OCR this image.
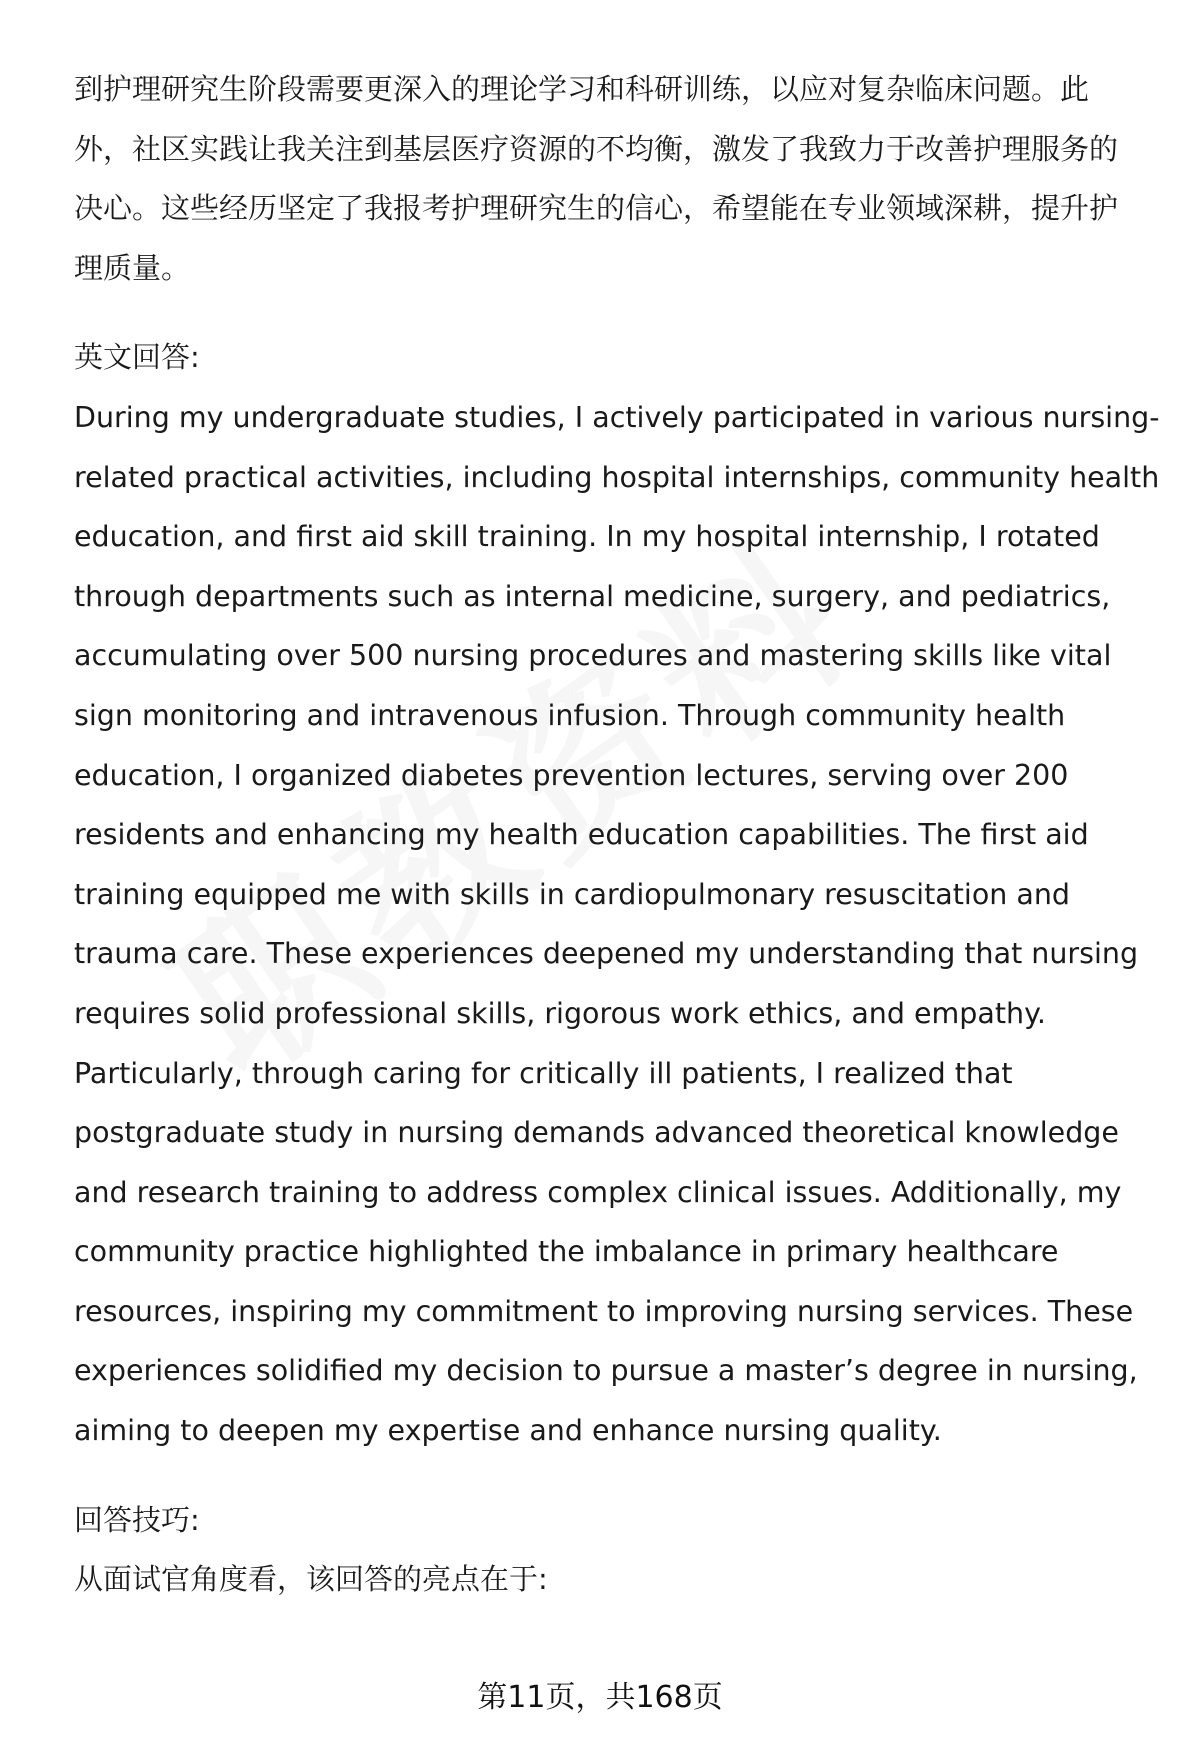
到护理研究生阶段需要更深入的理论学习和科研训练，以应对复杂临床问题。此
外，社区实践让我关注到基层医疗资源的不均衡，激发了我致力于改善护理服务的
决心。这些经历坚定了我报考护理研究生的信心，希望能在专业领域深耕，提升护
理质量。

英文回答:

During my undergraduate studies, I actively participated in various nursing-
related practical activities, including hospital internships, community health
education, and first aid skill training. In my hospital internship, I rotated
through departments such as internal medicine, surgery, and pediatrics,
accumulating over 500 nursing procedures and mastering skills like vital
sign monitoring and intravenous infusion. Through community health
education, I organized diabetes prevention lectures, serving over 200
residents and enhancing my health education capabilities. The first aid
training equipped me with skills in cardiopulmonary resuscitation and
trauma care. These experiences deepened my understanding that nursing
requires solid professional skills, rigorous work ethics, and empathy.
Particularly, through caring for critically ill patients, I realized that
postgraduate study in nursing demands advanced theoretical knowledge
and research training to address complex clinical issues. Additionally, my
community practice highlighted the imbalance in primary healthcare
resources, inspiring my commitment to improving nursing services. These
experiences solidified my decision to pursue a master’s degree in nursing,
aiming to deepen my expertise and enhance nursing quality.

回答技巧:
从面试官角度看，该回答的亮点在于:
第11页，共168页
